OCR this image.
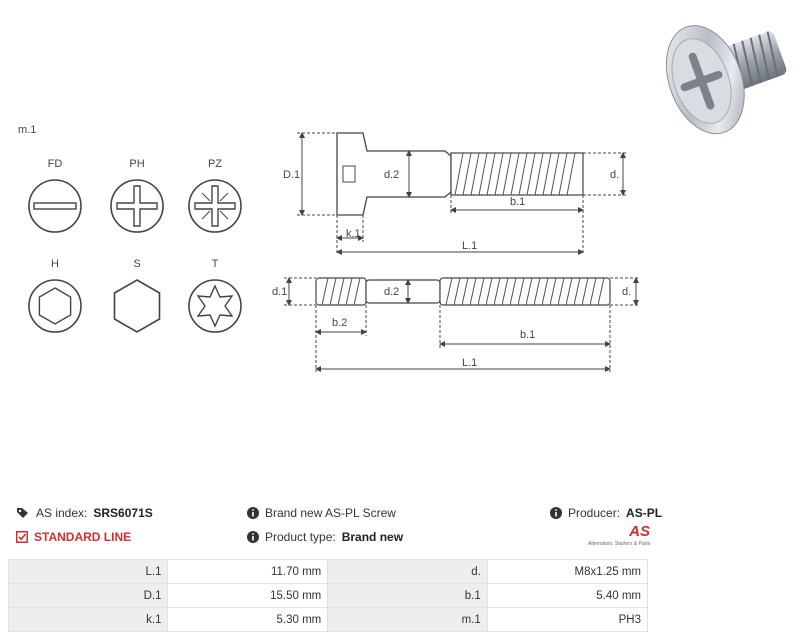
m.1
FD	PH	PZ
H	S	T
D.1	d.2	d.
b.1
k.1
L.1
d.1	d.2	d.
b.2
b.1
L.1
AS index: SRS6071S
STANDARD LINE
Brand new AS-PL Screw
Product type: Brand new
Producer: AS-PL
AS
Alternators, Starters & Parts
L.1	11.70 mm	d.	M8x1.25 mm
D.1	15.50 mm	b.1	5.40 mm
k.1	5.30 mm	m.1	PH3
